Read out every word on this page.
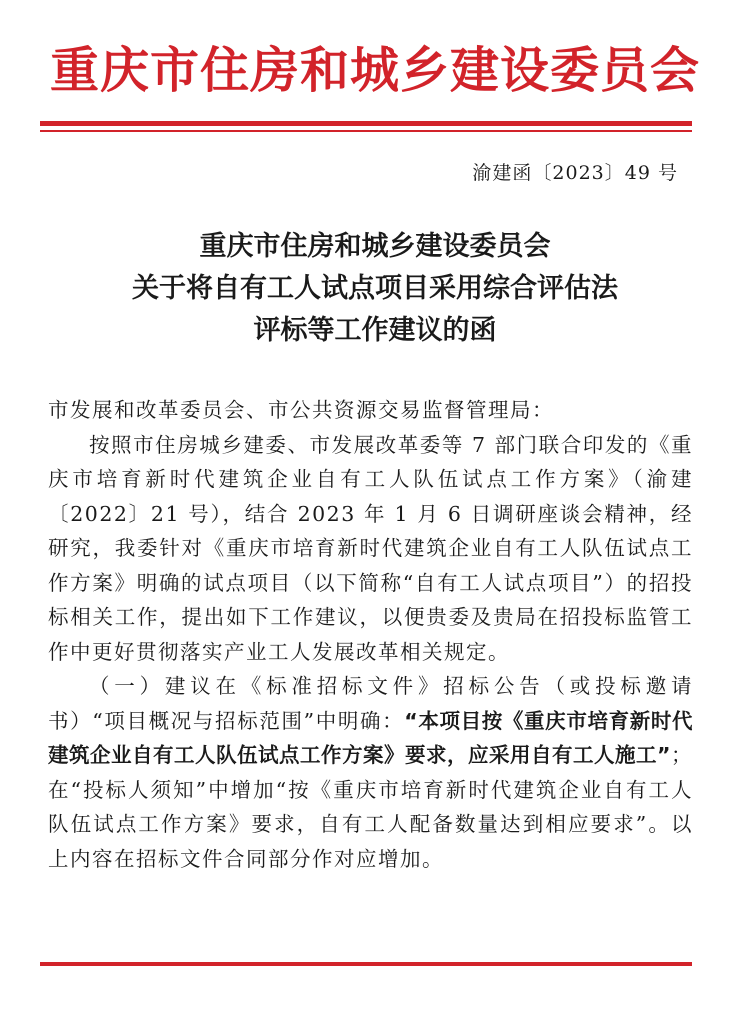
重庆市住房和城乡建设委员会
渝建函〔2023〕49 号
重庆市住房和城乡建设委员会
关于将自有工人试点项目采用综合评估法
评标等工作建议的函

市发展和改革委员会、市公共资源交易监督管理局：

按照市住房城乡建委、市发展改革委等 7 部门联合印发的《重庆市培育新时代建筑企业自有工人队伍试点工作方案》（渝建〔2022〕21 号），结合 2023 年 1 月 6 日调研座谈会精神，经研究，我委针对《重庆市培育新时代建筑企业自有工人队伍试点工作方案》明确的试点项目（以下简称“自有工人试点项目”）的招投标相关工作，提出如下工作建议，以便贵委及贵局在招投标监管工作中更好贯彻落实产业工人发展改革相关规定。

（一）建议在《标准招标文件》招标公告（或投标邀请书）“项目概况与招标范围”中明确：“本项目按《重庆市培育新时代建筑企业自有工人队伍试点工作方案》要求，应采用自有工人施工”；在“投标人须知”中增加“按《重庆市培育新时代建筑企业自有工人队伍试点工作方案》要求，自有工人配备数量达到相应要求”。以上内容在招标文件合同部分作对应增加。
